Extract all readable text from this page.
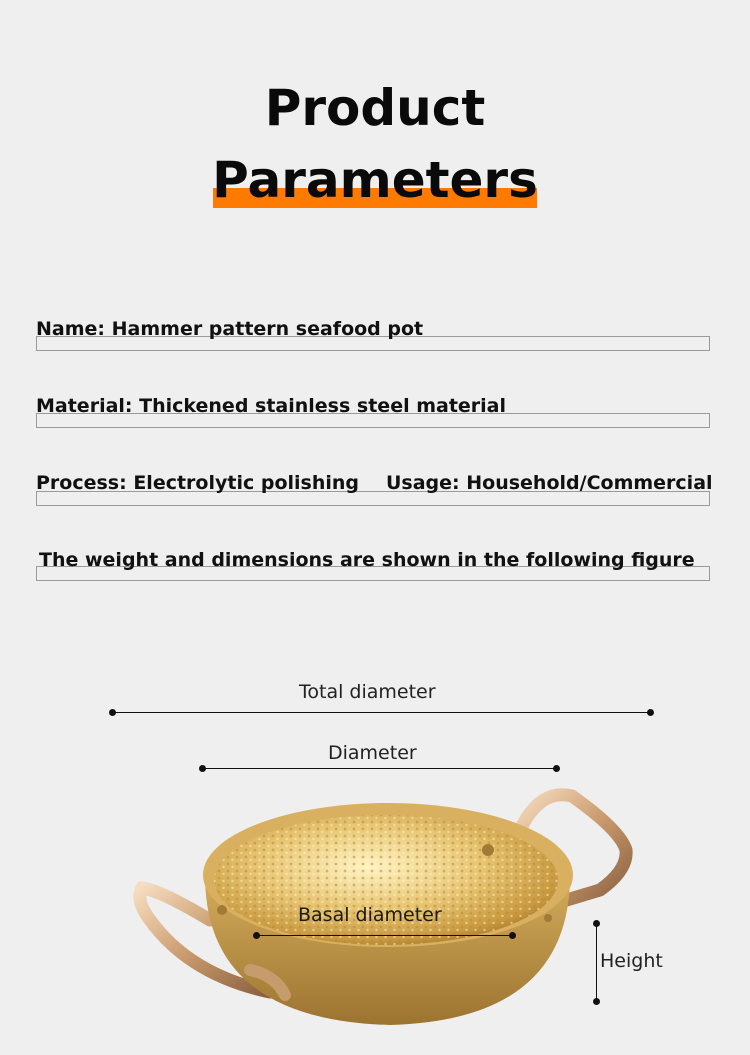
Product
Parameters
Name: Hammer pattern seafood pot
Material: Thickened stainless steel material
Process: Electrolytic polishing Usage: Household/Commercial
The weight and dimensions are shown in the following figure
Total diameter
Diameter
Basal diameter
Height
